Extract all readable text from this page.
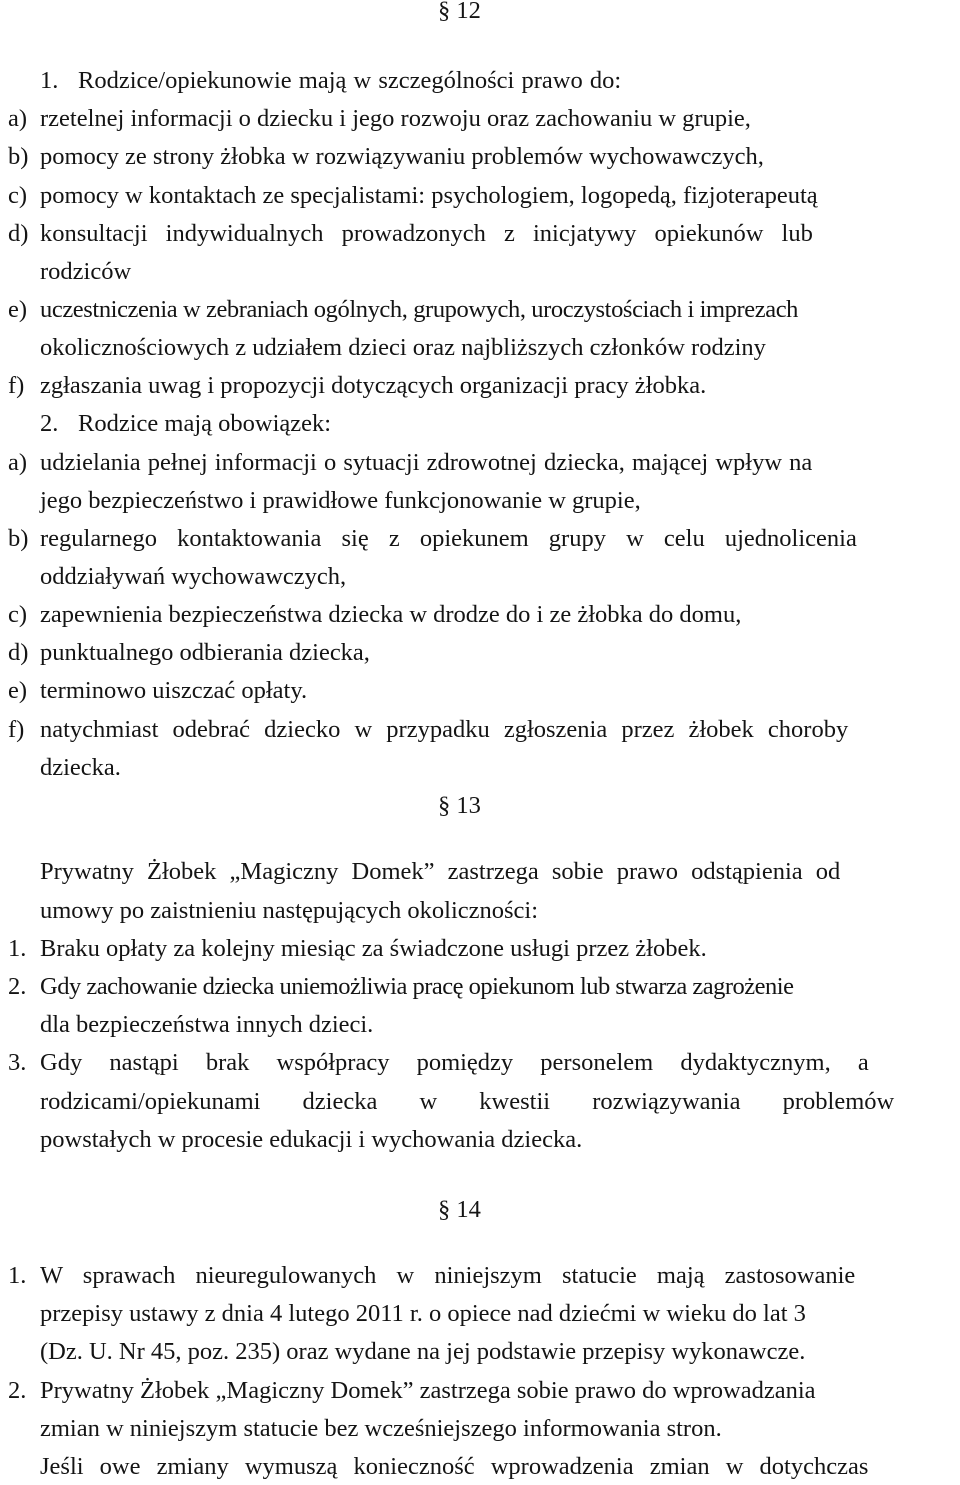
§ 12
1. Rodzice/opiekunowie mają w szczególności prawo do:
a) rzetelnej informacji o dziecku i jego rozwoju oraz zachowaniu w grupie,
b) pomocy ze strony żłobka w rozwiązywaniu problemów wychowawczych,
c) pomocy w kontaktach ze specjalistami: psychologiem, logopedą, fizjoterapeutą
d) konsultacji indywidualnych prowadzonych z inicjatywy opiekunów lub
rodziców
e) uczestniczenia w zebraniach ogólnych, grupowych, uroczystościach i imprezach
okolicznościowych z udziałem dzieci oraz najbliższych członków rodziny
f) zgłaszania uwag i propozycji dotyczących organizacji pracy żłobka.
2. Rodzice mają obowiązek:
a) udzielania pełnej informacji o sytuacji zdrowotnej dziecka, mającej wpływ na
jego bezpieczeństwo i prawidłowe funkcjonowanie w grupie,
b) regularnego kontaktowania się z opiekunem grupy w celu ujednolicenia
oddziaływań wychowawczych,
c) zapewnienia bezpieczeństwa dziecka w drodze do i ze żłobka do domu,
d) punktualnego odbierania dziecka,
e) terminowo uiszczać opłaty.
f) natychmiast odebrać dziecko w przypadku zgłoszenia przez żłobek choroby
dziecka.
§ 13
Prywatny Żłobek „Magiczny Domek” zastrzega sobie prawo odstąpienia od
umowy po zaistnieniu następujących okoliczności:
1. Braku opłaty za kolejny miesiąc za świadczone usługi przez żłobek.
2. Gdy zachowanie dziecka uniemożliwia pracę opiekunom lub stwarza zagrożenie
dla bezpieczeństwa innych dzieci.
3. Gdy nastąpi brak współpracy pomiędzy personelem dydaktycznym, a
rodzicami/opiekunami dziecka w kwestii rozwiązywania problemów
powstałych w procesie edukacji i wychowania dziecka.
§ 14
1. W sprawach nieuregulowanych w niniejszym statucie mają zastosowanie
przepisy ustawy z dnia 4 lutego 2011 r. o opiece nad dziećmi w wieku do lat 3
(Dz. U. Nr 45, poz. 235) oraz wydane na jej podstawie przepisy wykonawcze.
2. Prywatny Żłobek „Magiczny Domek” zastrzega sobie prawo do wprowadzania
zmian w niniejszym statucie bez wcześniejszego informowania stron.
Jeśli owe zmiany wymuszą konieczność wprowadzenia zmian w dotychczas
